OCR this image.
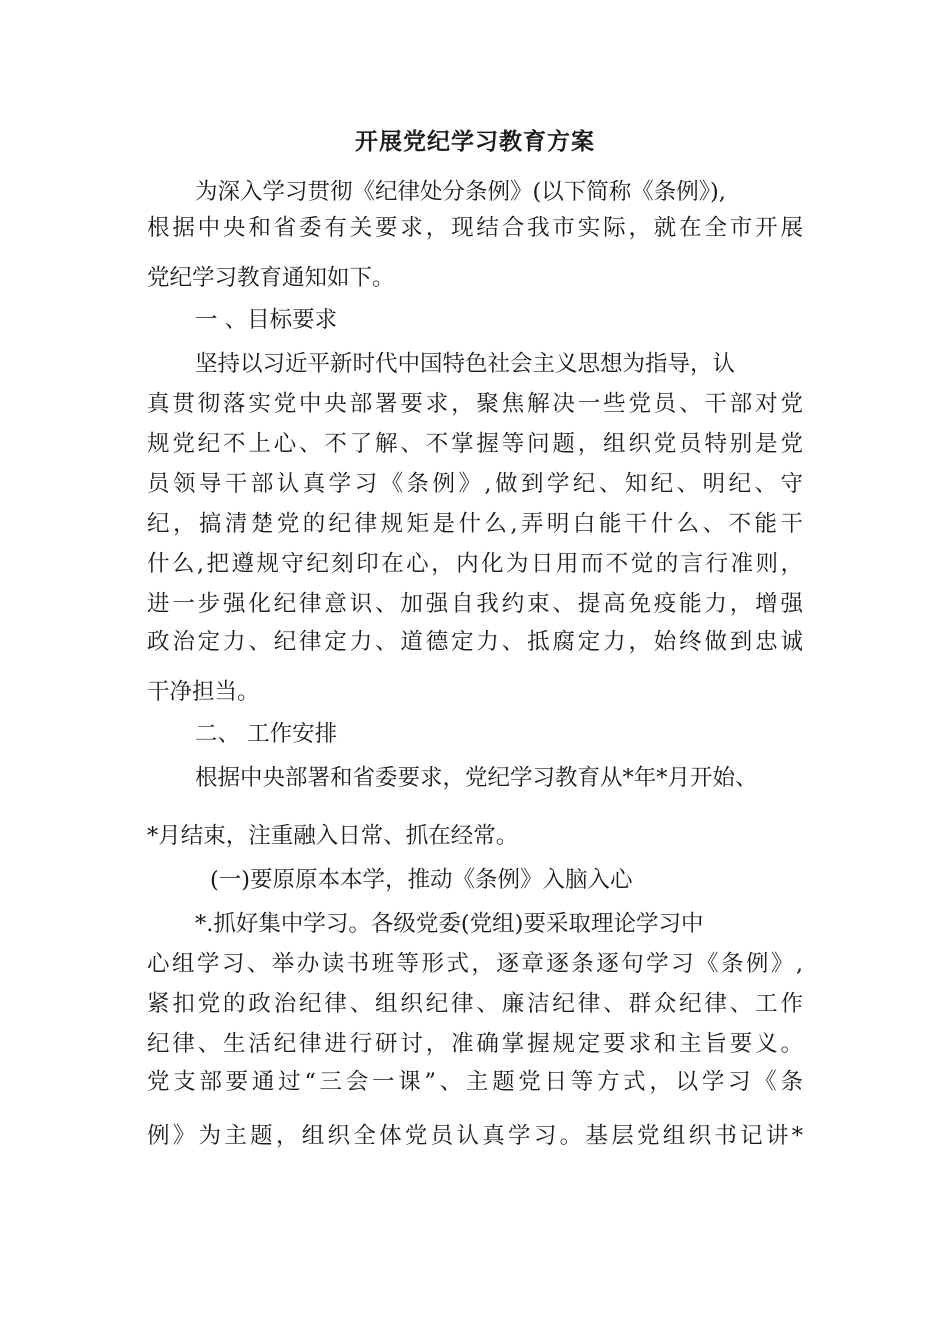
开展党纪学习教育方案

为深入学习贯彻《纪律处分条例》(以下简称《条例》),

根据中央和省委有关要求，现结合我市实际，就在全市开展

党纪学习教育通知如下。

一 、目标要求

坚持以习近平新时代中国特色社会主义思想为指导，认

真贯彻落实党中央部署要求，聚焦解决一些党员、干部对党

规党纪不上心、不了解、不掌握等问题，组织党员特别是党

员领导干部认真学习《条例》,做到学纪、知纪、明纪、守

纪，搞清楚党的纪律规矩是什么,弄明白能干什么、不能干

什么,把遵规守纪刻印在心，内化为日用而不觉的言行准则，

进一步强化纪律意识、加强自我约束、提高免疫能力，增强

政治定力、纪律定力、道德定力、抵腐定力，始终做到忠诚

干净担当。

二、 工作安排

根据中央部署和省委要求，党纪学习教育从*年*月开始、

*月结束，注重融入日常、抓在经常。

(一)要原原本本学，推动《条例》入脑入心

*.抓好集中学习。各级党委(党组)要采取理论学习中

心组学习、举办读书班等形式，逐章逐条逐句学习《条例》,

紧扣党的政治纪律、组织纪律、廉洁纪律、群众纪律、工作

纪律、生活纪律进行研讨，准确掌握规定要求和主旨要义。

党支部要通过“三会一课”、主题党日等方式，以学习《条

例》为主题，组织全体党员认真学习。基层党组织书记讲*
